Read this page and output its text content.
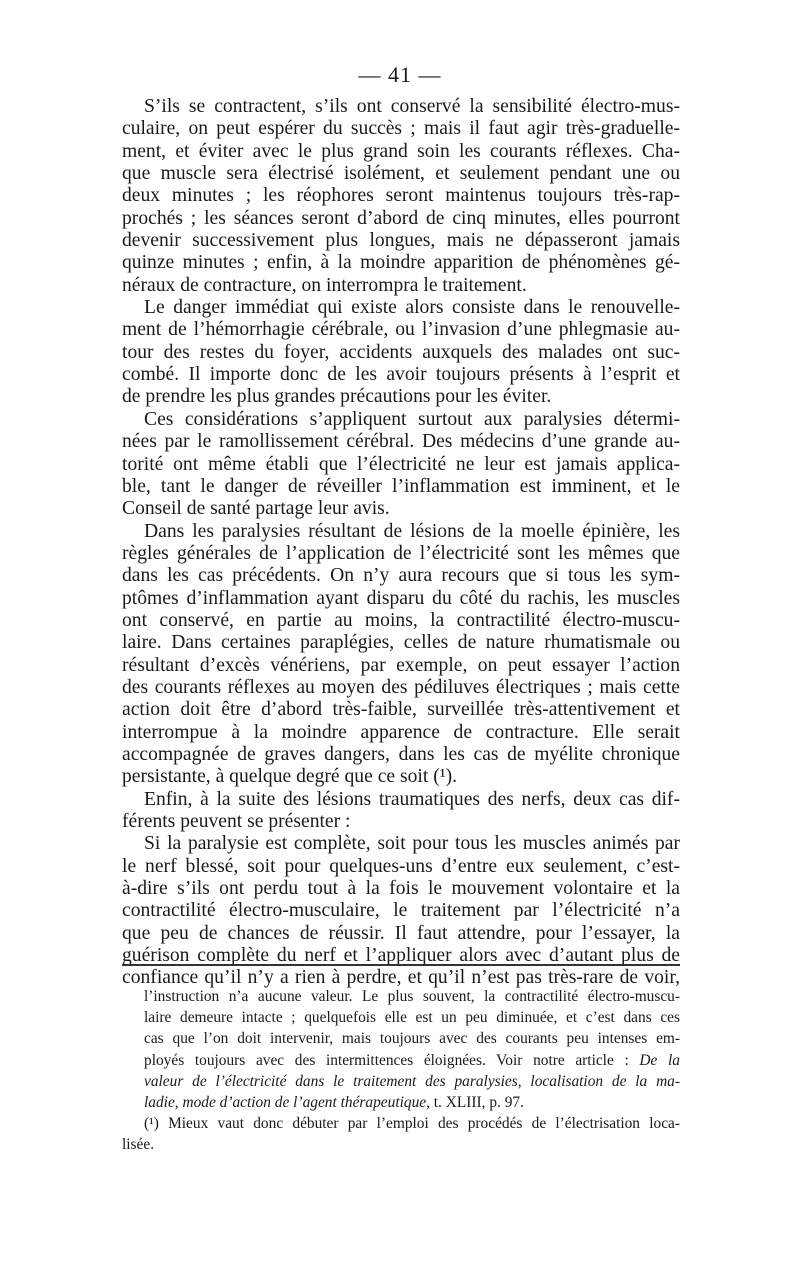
— 41 —
S’ils se contractent, s’ils ont conservé la sensibilité électro-mus-
culaire, on peut espérer du succès ; mais il faut agir très-graduelle-
ment, et éviter avec le plus grand soin les courants réflexes. Cha-
que muscle sera électrisé isolément, et seulement pendant une ou
deux minutes ; les réophores seront maintenus toujours très-rap-
prochés ; les séances seront d’abord de cinq minutes, elles pourront
devenir successivement plus longues, mais ne dépasseront jamais
quinze minutes ; enfin, à la moindre apparition de phénomènes gé-
néraux de contracture, on interrompra le traitement.
Le danger immédiat qui existe alors consiste dans le renouvelle-
ment de l’hémorrhagie cérébrale, ou l’invasion d’une phlegmasie au-
tour des restes du foyer, accidents auxquels des malades ont suc-
combé. Il importe donc de les avoir toujours présents à l’esprit et
de prendre les plus grandes précautions pour les éviter.
Ces considérations s’appliquent surtout aux paralysies détermi-
nées par le ramollissement cérébral. Des médecins d’une grande au-
torité ont même établi que l’électricité ne leur est jamais applica-
ble, tant le danger de réveiller l’inflammation est imminent, et le
Conseil de santé partage leur avis.
Dans les paralysies résultant de lésions de la moelle épinière, les
règles générales de l’application de l’électricité sont les mêmes que
dans les cas précédents. On n’y aura recours que si tous les sym-
ptômes d’inflammation ayant disparu du côté du rachis, les muscles
ont conservé, en partie au moins, la contractilité électro-muscu-
laire. Dans certaines paraplégies, celles de nature rhumatismale ou
résultant d’excès vénériens, par exemple, on peut essayer l’action
des courants réflexes au moyen des pédiluves électriques ; mais cette
action doit être d’abord très-faible, surveillée très-attentivement et
interrompue à la moindre apparence de contracture. Elle serait
accompagnée de graves dangers, dans les cas de myélite chronique
persistante, à quelque degré que ce soit (¹).
Enfin, à la suite des lésions traumatiques des nerfs, deux cas dif-
férents peuvent se présenter :
Si la paralysie est complète, soit pour tous les muscles animés par
le nerf blessé, soit pour quelques-uns d’entre eux seulement, c’est-
à-dire s’ils ont perdu tout à la fois le mouvement volontaire et la
contractilité électro-musculaire, le traitement par l’électricité n’a
que peu de chances de réussir. Il faut attendre, pour l’essayer, la
guérison complète du nerf et l’appliquer alors avec d’autant plus de
confiance qu’il n’y a rien à perdre, et qu’il n’est pas très-rare de voir,
l’instruction n’a aucune valeur. Le plus souvent, la contractilité électro-muscu-
laire demeure intacte ; quelquefois elle est un peu diminuée, et c’est dans ces
cas que l’on doit intervenir, mais toujours avec des courants peu intenses em-
ployés toujours avec des intermittences éloignées. Voir notre article : De la
valeur de l’électricité dans le traitement des paralysies, localisation de la ma-
ladie, mode d’action de l’agent thérapeutique, t. XLIII, p. 97.
(¹) Mieux vaut donc débuter par l’emploi des procédés de l’électrisation loca-
lisée.
